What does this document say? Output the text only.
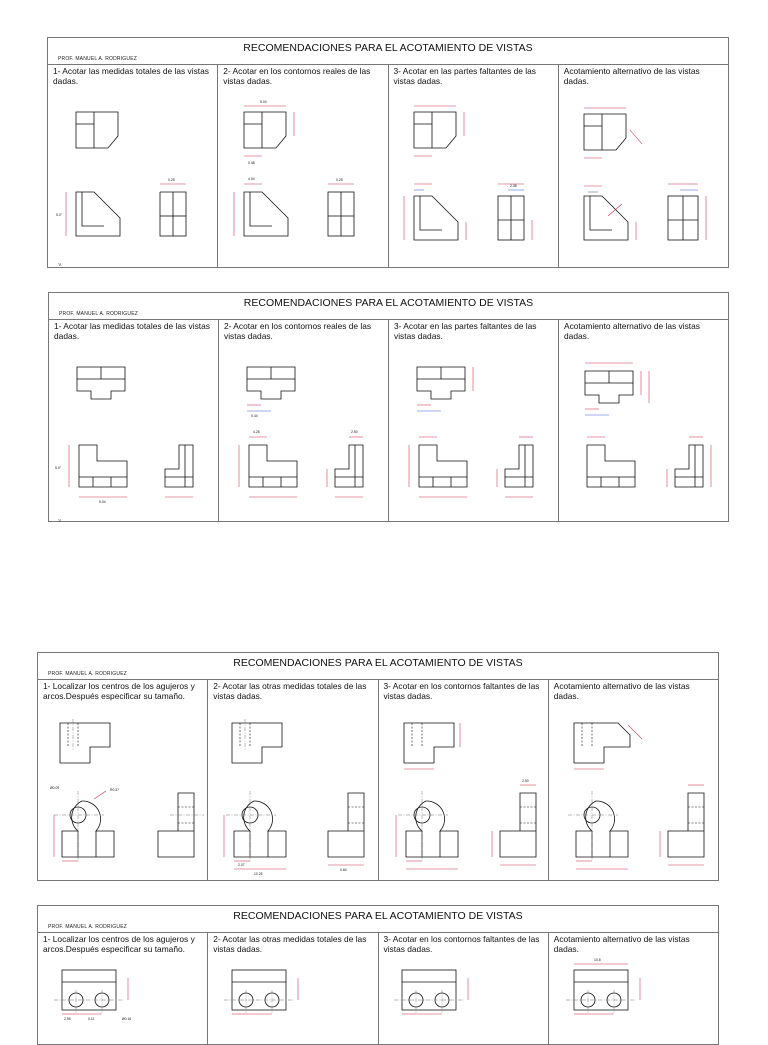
PROF. MANUEL A. RODRIGUEZ
RECOMENDACIONES PARA EL ACOTAMIENTO DE VISTAS
1- Acotar las medidas totales de las vistas dadas.
2- Acotar en los contornos reales de las vistas dadas.
3- Acotar en las partes faltantes de las vistas dadas.
Acotamiento alternativo de las vistas dadas.
5.0"
0.25
5.04
0.48
4.04	0.25
2.38
˅
PROF. MANUEL A. RODRIGUEZ
RECOMENDACIONES PARA EL ACOTAMIENTO DE VISTAS
1- Acotar las medidas totales de las vistas dadas.
2- Acotar en los contornos reales de las vistas dadas.
3- Acotar en las partes faltantes de las vistas dadas.
Acotamiento alternativo de las vistas dadas.
5.0"
5.04
0.44
4.28	2.50
˅
PROF. MANUEL A. RODRIGUEZ
RECOMENDACIONES PARA EL ACOTAMIENTO DE VISTAS
1- Localizar los centros de los agujeros y arcos.Después especificar su tamaño.
2- Acotar las otras medidas totales de las vistas dadas.
3- Acotar en los contornos faltantes de las vistas dadas.
Acotamiento alternativo de las vistas dadas.
R0.37
Ø0.09
2.07
10.25
0.84
2.50
PROF. MANUEL A. RODRIGUEZ
RECOMENDACIONES PARA EL ACOTAMIENTO DE VISTAS
1- Localizar los centros de los agujeros y arcos.Después especificar su tamaño.
2- Acotar las otras medidas totales de las vistas dadas.
3- Acotar en los contornos faltantes de las vistas dadas.
Acotamiento alternativo de las vistas dadas.
2.95	0.11	Ø0.16
10.8
